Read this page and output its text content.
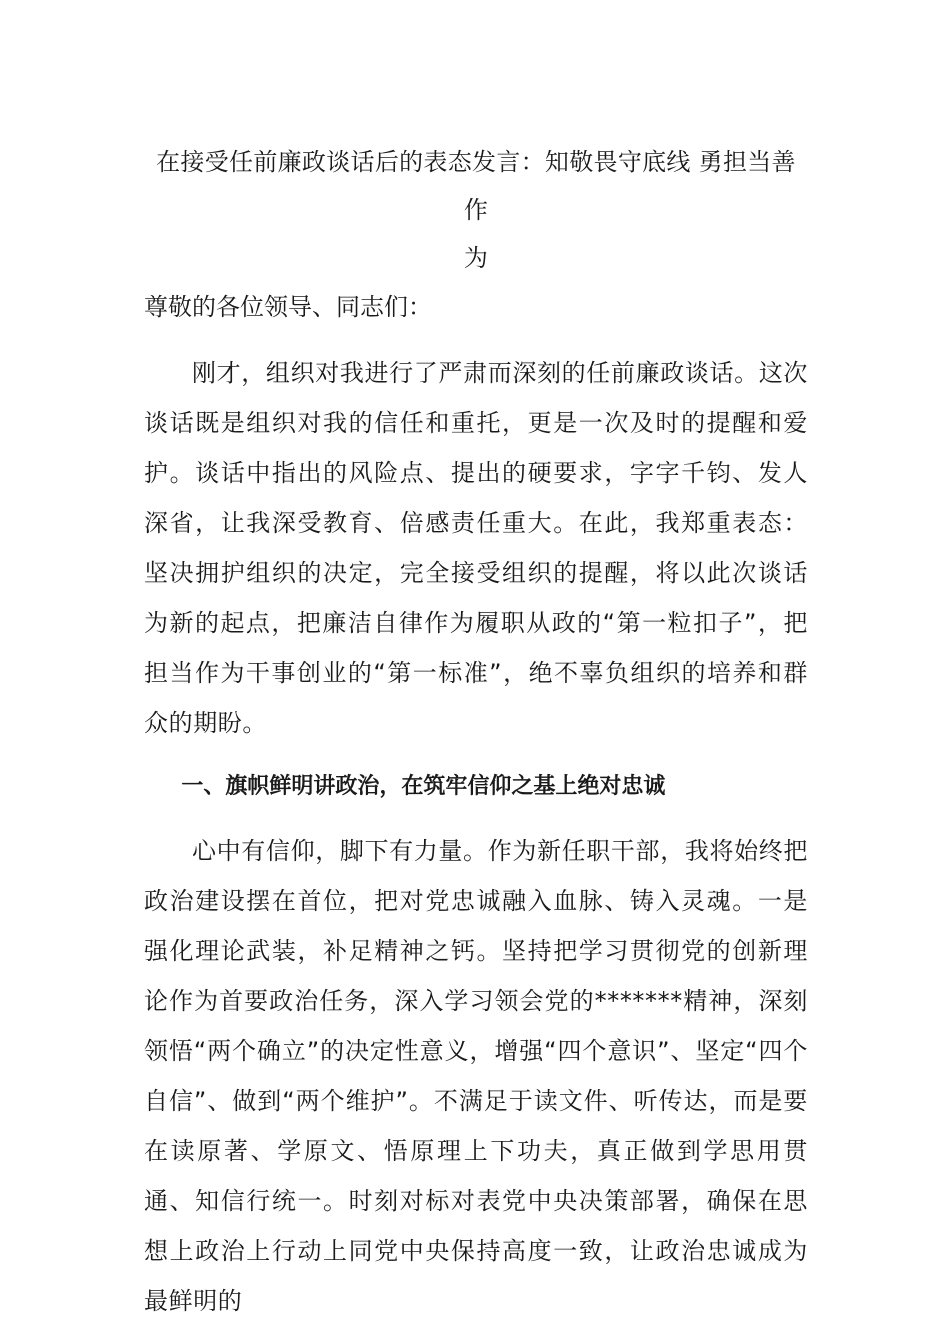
在接受任前廉政谈话后的表态发言：知敬畏守底线 勇担当善作
为

尊敬的各位领导、同志们：

刚才，组织对我进行了严肃而深刻的任前廉政谈话。这次谈话既是组织对我的信任和重托，更是一次及时的提醒和爱护。谈话中指出的风险点、提出的硬要求，字字千钧、发人深省，让我深受教育、倍感责任重大。在此，我郑重表态：坚决拥护组织的决定，完全接受组织的提醒，将以此次谈话为新的起点，把廉洁自律作为履职从政的“第一粒扣子”，把担当作为干事创业的“第一标准”，绝不辜负组织的培养和群众的期盼。

一、旗帜鲜明讲政治，在筑牢信仰之基上绝对忠诚

心中有信仰，脚下有力量。作为新任职干部，我将始终把政治建设摆在首位，把对党忠诚融入血脉、铸入灵魂。一是强化理论武装，补足精神之钙。坚持把学习贯彻党的创新理论作为首要政治任务，深入学习领会党的*******精神，深刻领悟“两个确立”的决定性意义，增强“四个意识”、坚定“四个自信”、做到“两个维护”。不满足于读文件、听传达，而是要在读原著、学原文、悟原理上下功夫，真正做到学思用贯通、知信行统一。时刻对标对表党中央决策部署，确保在思想上政治上行动上同党中央保持高度一致，让政治忠诚成为最鲜明的
